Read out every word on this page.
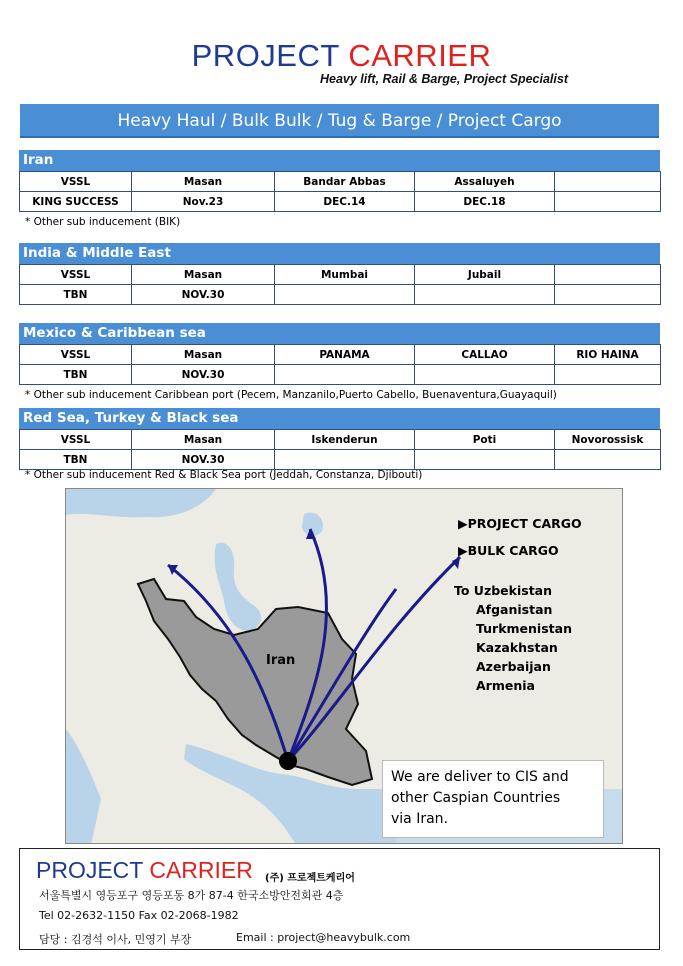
PROJECT CARRIER
Heavy lift, Rail & Barge, Project Specialist
Heavy Haul / Bulk Bulk / Tug & Barge / Project Cargo
Iran
VSSL	Masan	Bandar Abbas	Assaluyeh	
KING SUCCESS	Nov.23	DEC.14	DEC.18	
* Other sub inducement (BIK)
India & Middle East
VSSL	Masan	Mumbai	Jubail	
TBN	NOV.30			
Mexico & Caribbean sea
VSSL	Masan	PANAMA	CALLAO	RIO HAINA
TBN	NOV.30			
* Other sub inducement Caribbean port (Pecem, Manzanilo,Puerto Cabello, Buenaventura,Guayaquil)
Red Sea, Turkey & Black sea
VSSL	Masan	Iskenderun	Poti	Novorossisk
TBN	NOV.30			
* Other sub inducement Red & Black Sea port (Jeddah, Constanza, Djibouti)
Iran
▶PROJECT CARGO
▶BULK CARGO
To Uzbekistan
Afganistan
Turkmenistan
Kazakhstan
Azerbaijan
Armenia
We are deliver to CIS and
other Caspian Countries
via Iran.
PROJECT CARRIER (주) 프로젝트케리어
서울특별시 영등포구 영등포동 8가 87-4 한국소방안전회관 4층
Tel 02-2632-1150 Fax 02-2068-1982
담당 : 김경석 이사, 민영기 부장	Email : project@heavybulk.com
